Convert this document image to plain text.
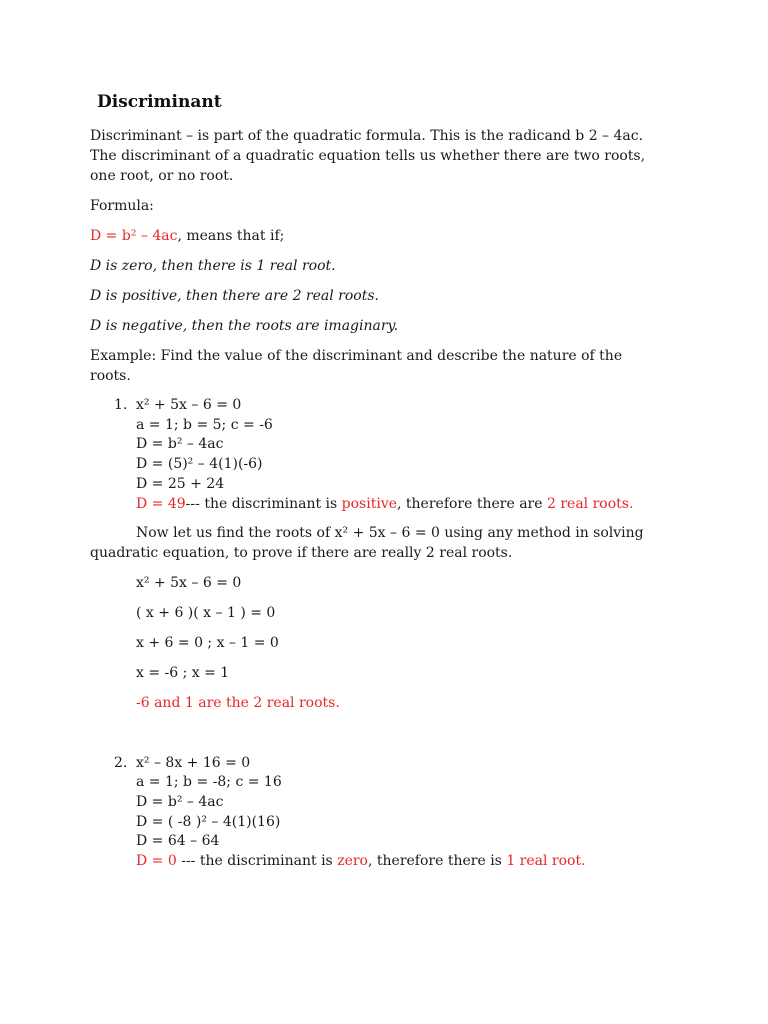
Discriminant
Discriminant – is part of the quadratic formula. This is the radicand b 2 – 4ac.
The discriminant of a quadratic equation tells us whether there are two roots,
one root, or no root.
Formula:
D = b² – 4ac, means that if;
D is zero, then there is 1 real root.
D is positive, then there are 2 real roots.
D is negative, then the roots are imaginary.
Example: Find the value of the discriminant and describe the nature of the
roots.
1. x² + 5x – 6 = 0
a = 1; b = 5; c = -6
D = b² – 4ac
D = (5)² – 4(1)(-6)
D = 25 + 24
D = 49--- the discriminant is positive, therefore there are 2 real roots.
Now let us find the roots of x² + 5x – 6 = 0 using any method in solving
quadratic equation, to prove if there are really 2 real roots.
x² + 5x – 6 = 0
( x + 6 )( x – 1 ) = 0
x + 6 = 0 ; x – 1 = 0
x = -6 ; x = 1
-6 and 1 are the 2 real roots.
2. x² – 8x + 16 = 0
a = 1; b = -8; c = 16
D = b² – 4ac
D = ( -8 )² – 4(1)(16)
D = 64 – 64
D = 0 --- the discriminant is zero, therefore there is 1 real root.
